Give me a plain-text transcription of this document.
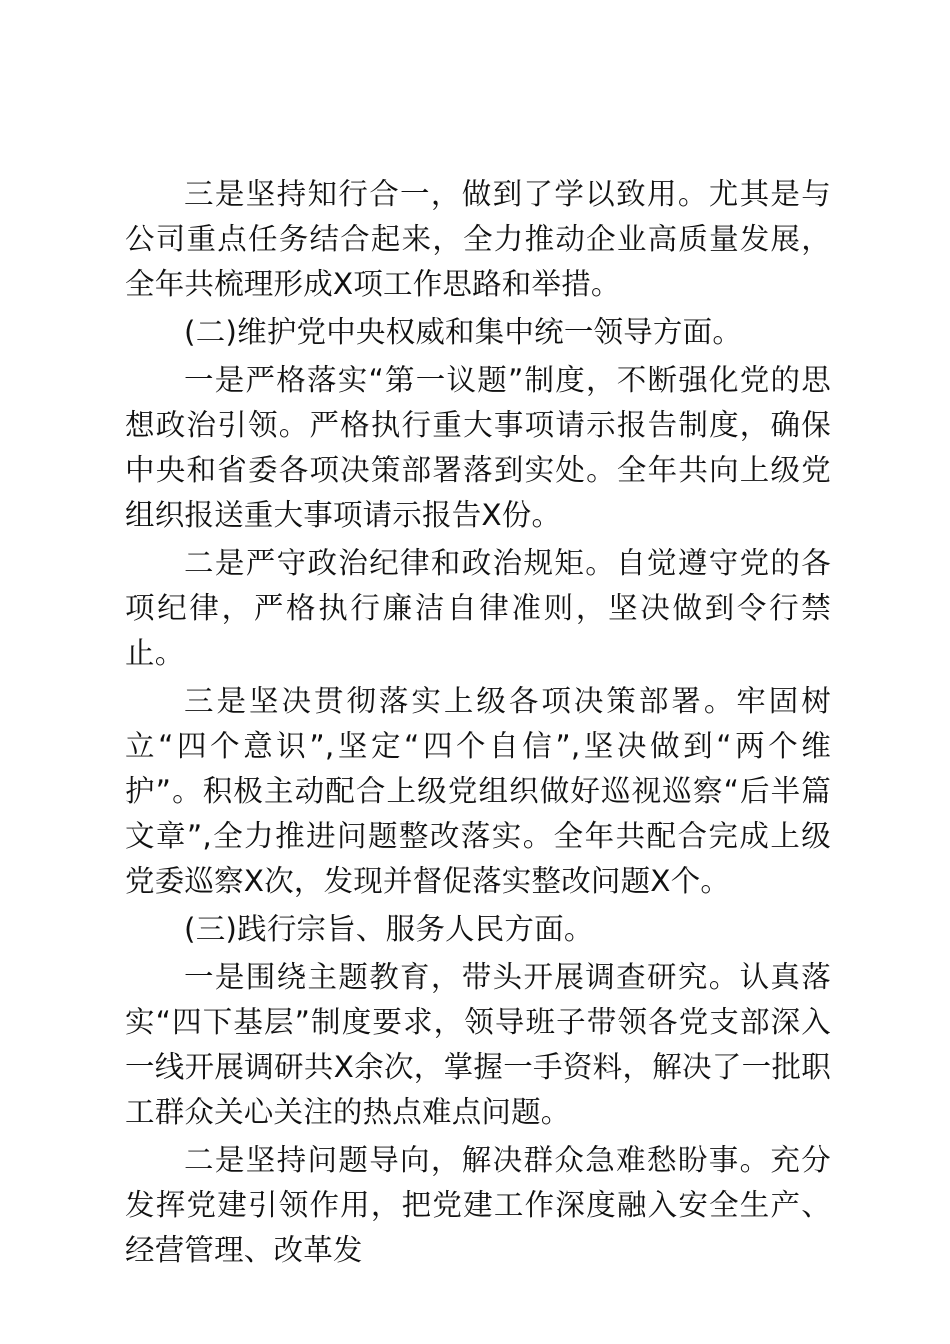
三是坚持知行合一，做到了学以致用。尤其是与公司重点任务结合起来，全力推动企业高质量发展，全年共梳理形成X项工作思路和举措。

(二)维护党中央权威和集中统一领导方面。

一是严格落实“第一议题”制度，不断强化党的思想政治引领。严格执行重大事项请示报告制度，确保中央和省委各项决策部署落到实处。全年共向上级党组织报送重大事项请示报告X份。

二是严守政治纪律和政治规矩。自觉遵守党的各项纪律，严格执行廉洁自律准则，坚决做到令行禁止。

三是坚决贯彻落实上级各项决策部署。牢固树立“四个意识”,坚定“四个自信”,坚决做到“两个维护”。积极主动配合上级党组织做好巡视巡察“后半篇文章”,全力推进问题整改落实。全年共配合完成上级党委巡察X次，发现并督促落实整改问题X个。

(三)践行宗旨、服务人民方面。

一是围绕主题教育，带头开展调查研究。认真落实“四下基层”制度要求，领导班子带领各党支部深入一线开展调研共X余次，掌握一手资料，解决了一批职工群众关心关注的热点难点问题。

二是坚持问题导向，解决群众急难愁盼事。充分发挥党建引领作用，把党建工作深度融入安全生产、经营管理、改革发
